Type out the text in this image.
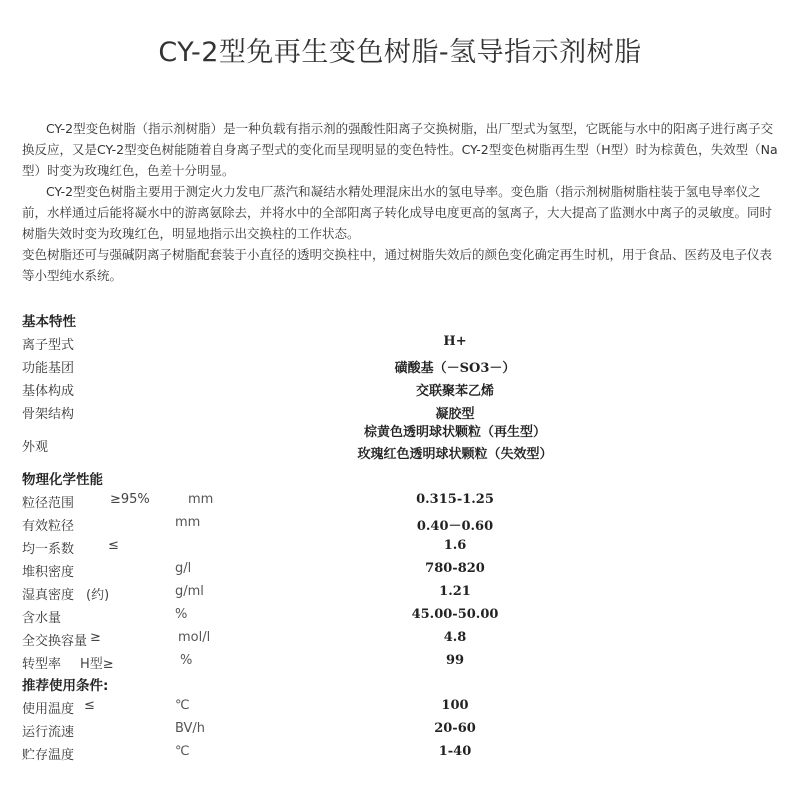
CY-2型免再生变色树脂-氢导指示剂树脂

CY-2型变色树脂（指示剂树脂）是一种负载有指示剂的强酸性阳离子交换树脂，出厂型式为氢型，它既能与水中的阳离子进行离子交换反应，又是CY-2型变色树能随着自身离子型式的变化而呈现明显的变色特性。CY-2型变色树脂再生型（H型）时为棕黄色，失效型（Na型）时变为玫瑰红色，色差十分明显。

CY-2型变色树脂主要用于测定火力发电厂蒸汽和凝结水精处理混床出水的氢电导率。变色脂（指示剂树脂树脂柱装于氢电导率仪之前，水样通过后能将凝水中的游离氨除去，并将水中的全部阳离子转化成导电度更高的氢离子，大大提高了监测水中离子的灵敏度。同时树脂失效时变为玫瑰红色，明显地指示出交换柱的工作状态。

变色树脂还可与强碱阴离子树脂配套装于小直径的透明交换柱中，通过树脂失效后的颜色变化确定再生时机，用于食品、医药及电子仪表等小型纯水系统。

基本特性
离子型式	H+
功能基团	磺酸基（－SO3－）
基体构成	交联聚苯乙烯
骨架结构	凝胶型
外观
棕黄色透明球状颗粒（再生型）
玫瑰红色透明球状颗粒（失效型）
物理化学性能
粒径范围	≥95%	mm	0.315-1.25
有效粒径	mm	0.40－0.60
均一系数	≤	1.6
堆积密度	g/l	780-820
湿真密度 (约)	g/ml	1.21
含水量	%	45.00-50.00
全交换容量 ≥	mol/l	4.8
转型率 H型≥	%	99
推荐使用条件:
使用温度 ≤	℃	100
运行流速	BV/h	20-60
贮存温度	℃	1-40
